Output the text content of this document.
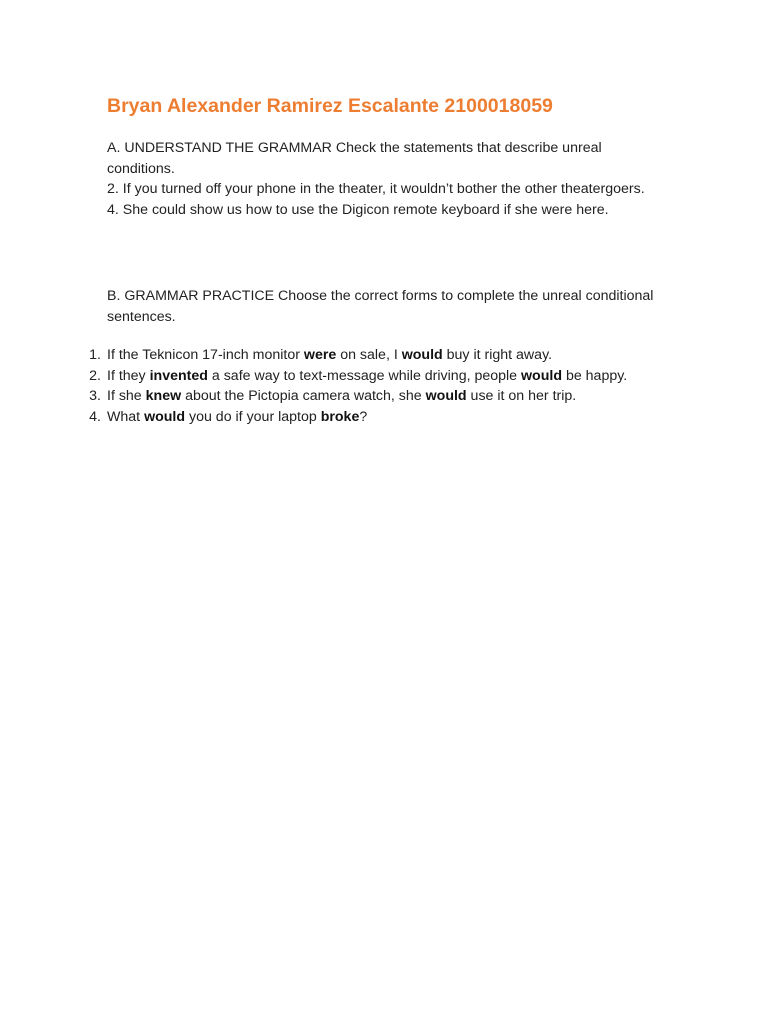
Bryan Alexander Ramirez Escalante 2100018059

A. UNDERSTAND THE GRAMMAR Check the statements that describe unreal conditions.

2. If you turned off your phone in the theater, it wouldn’t bother the other theatergoers.

4. She could show us how to use the Digicon remote keyboard if she were here.

B. GRAMMAR PRACTICE Choose the correct forms to complete the unreal conditional sentences.

1 . If the Teknicon 17-inch monitor were on sale, I would buy it right away.
2 . If they invented a safe way to text-message while driving, people would be happy.
3 . If she knew about the Pictopia camera watch, she would use it on her trip.
4 . What would you do if your laptop broke?
